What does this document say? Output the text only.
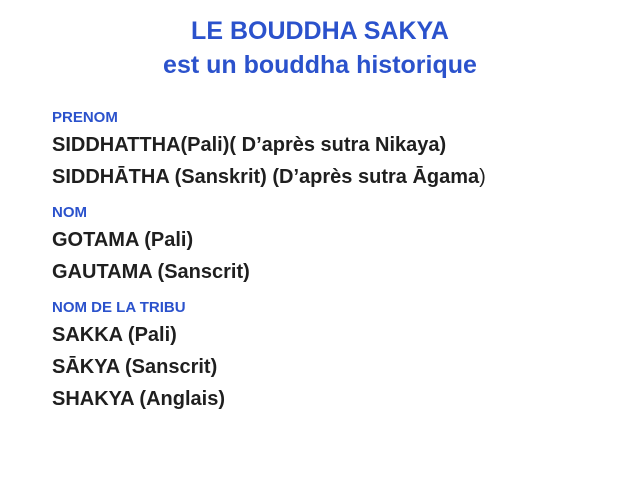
LE BOUDDHA SAKYA
est un bouddha historique
PRENOM
SIDDHATTHA(Pali)( D’après sutra Nikaya)
SIDDHĀTHA (Sanskrit) (D’après sutra Āgama)
NOM
GOTAMA (Pali)
GAUTAMA (Sanscrit)
NOM DE LA TRIBU
SAKKA (Pali)
SĀKYA (Sanscrit)
SHAKYA (Anglais)
